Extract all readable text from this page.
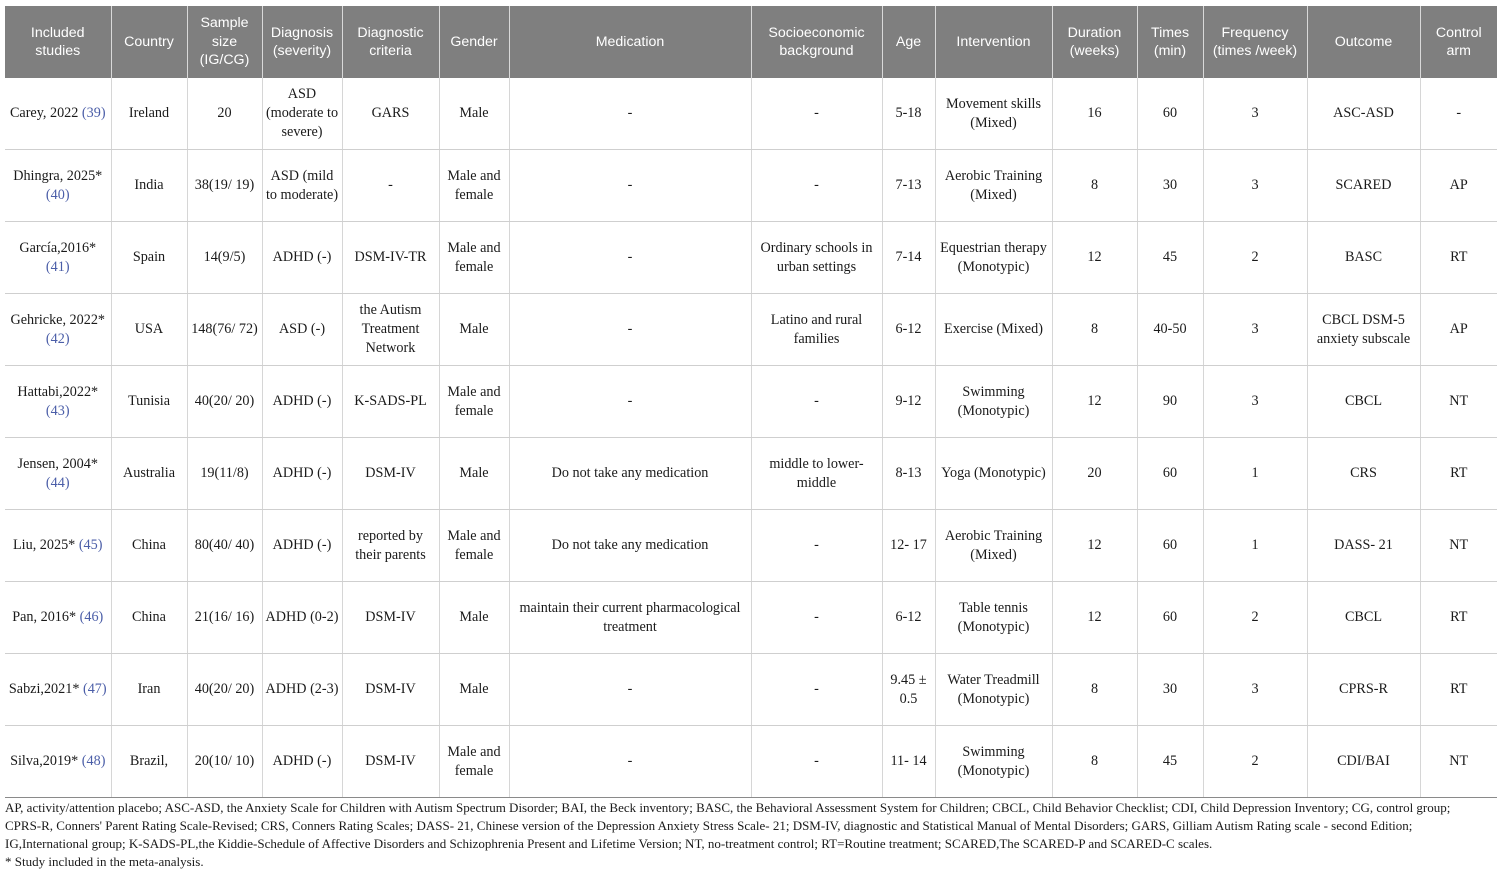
Included studies	Country	Sample size (IG/CG)	Diagnosis (severity)	Diagnostic criteria	Gender	Medication	Socioeconomic background	Age	Intervention	Duration (weeks)	Times (min)	Frequency (times /week)	Outcome	Control arm
Carey, 2022 (39)	Ireland	20	ASD (moderate to severe)	GARS	Male	-	-	5-18	Movement skills (Mixed)	16	60	3	ASC-ASD	-
Dhingra, 2025* (40)	India	38(19/ 19)	ASD (mild to moderate)	-	Male and female	-	-	7-13	Aerobic Training (Mixed)	8	30	3	SCARED	AP
García,2016* (41)	Spain	14(9/5)	ADHD (-)	DSM-IV-TR	Male and female	-	Ordinary schools in urban settings	7-14	Equestrian therapy (Monotypic)	12	45	2	BASC	RT
Gehricke, 2022* (42)	USA	148(76/ 72)	ASD (-)	the Autism Treatment Network	Male	-	Latino and rural families	6-12	Exercise (Mixed)	8	40-50	3	CBCL DSM-5 anxiety subscale	AP
Hattabi,2022* (43)	Tunisia	40(20/ 20)	ADHD (-)	K-SADS-PL	Male and female	-	-	9-12	Swimming (Monotypic)	12	90	3	CBCL	NT
Jensen, 2004* (44)	Australia	19(11/8)	ADHD (-)	DSM-IV	Male	Do not take any medication	middle to lower-middle	8-13	Yoga (Monotypic)	20	60	1	CRS	RT
Liu, 2025* (45)	China	80(40/ 40)	ADHD (-)	reported by their parents	Male and female	Do not take any medication	-	12- 17	Aerobic Training (Mixed)	12	60	1	DASS- 21	NT
Pan, 2016* (46)	China	21(16/ 16)	ADHD (0-2)	DSM-IV	Male	maintain their current pharmacological treatment	-	6-12	Table tennis (Monotypic)	12	60	2	CBCL	RT
Sabzi,2021* (47)	Iran	40(20/ 20)	ADHD (2-3)	DSM-IV	Male	-	-	9.45 ± 0.5	Water Treadmill (Monotypic)	8	30	3	CPRS-R	RT
Silva,2019* (48)	Brazil,	20(10/ 10)	ADHD (-)	DSM-IV	Male and female	-	-	11- 14	Swimming (Monotypic)	8	45	2	CDI/BAI	NT
AP, activity/attention placebo; ASC-ASD, the Anxiety Scale for Children with Autism Spectrum Disorder; BAI, the Beck inventory; BASC, the Behavioral Assessment System for Children; CBCL, Child Behavior Checklist; CDI, Child Depression Inventory; CG, control group; CPRS-R, Conners' Parent Rating Scale-Revised; CRS, Conners Rating Scales; DASS- 21, Chinese version of the Depression Anxiety Stress Scale- 21; DSM-IV, diagnostic and Statistical Manual of Mental Disorders; GARS, Gilliam Autism Rating scale - second Edition; IG,International group; K-SADS-PL,the Kiddie-Schedule of Affective Disorders and Schizophrenia Present and Lifetime Version; NT, no-treatment control; RT=Routine treatment; SCARED,The SCARED-P and SCARED-C scales.
* Study included in the meta-analysis.
